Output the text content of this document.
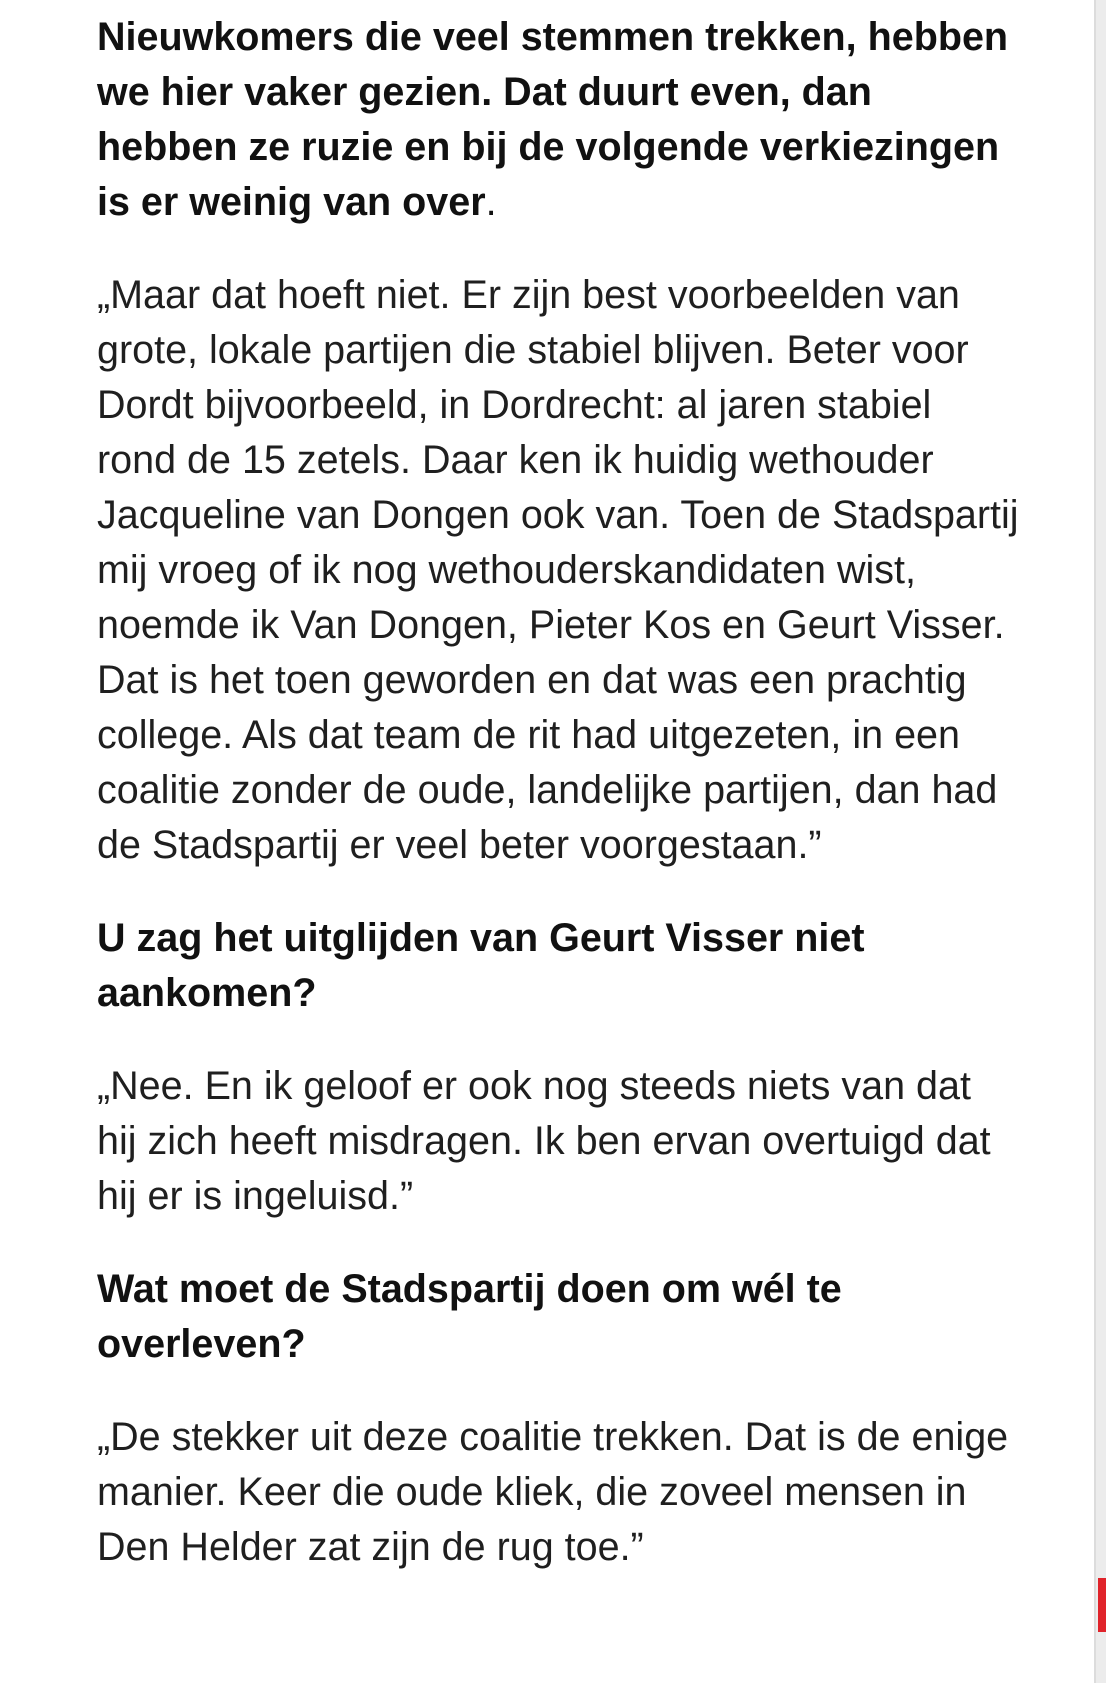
Nieuwkomers die veel stemmen trekken, hebben we hier vaker gezien. Dat duurt even, dan hebben ze ruzie en bij de volgende verkiezingen is er weinig van over.

„Maar dat hoeft niet. Er zijn best voorbeelden van grote, lokale partijen die stabiel blijven. Beter voor Dordt bijvoorbeeld, in Dordrecht: al jaren stabiel rond de 15 zetels. Daar ken ik huidig wethouder Jacqueline van Dongen ook van. Toen de Stadspartij mij vroeg of ik nog wethouderskandidaten wist, noemde ik Van Dongen, Pieter Kos en Geurt Visser. Dat is het toen geworden en dat was een prachtig college. Als dat team de rit had uitgezeten, in een coalitie zonder de oude, landelijke partijen, dan had de Stadspartij er veel beter voorgestaan.”

U zag het uitglijden van Geurt Visser niet aankomen?

„Nee. En ik geloof er ook nog steeds niets van dat hij zich heeft misdragen. Ik ben ervan overtuigd dat hij er is ingeluisd.”

Wat moet de Stadspartij doen om wél te overleven?

„De stekker uit deze coalitie trekken. Dat is de enige manier. Keer die oude kliek, die zoveel mensen in Den Helder zat zijn de rug toe.”
